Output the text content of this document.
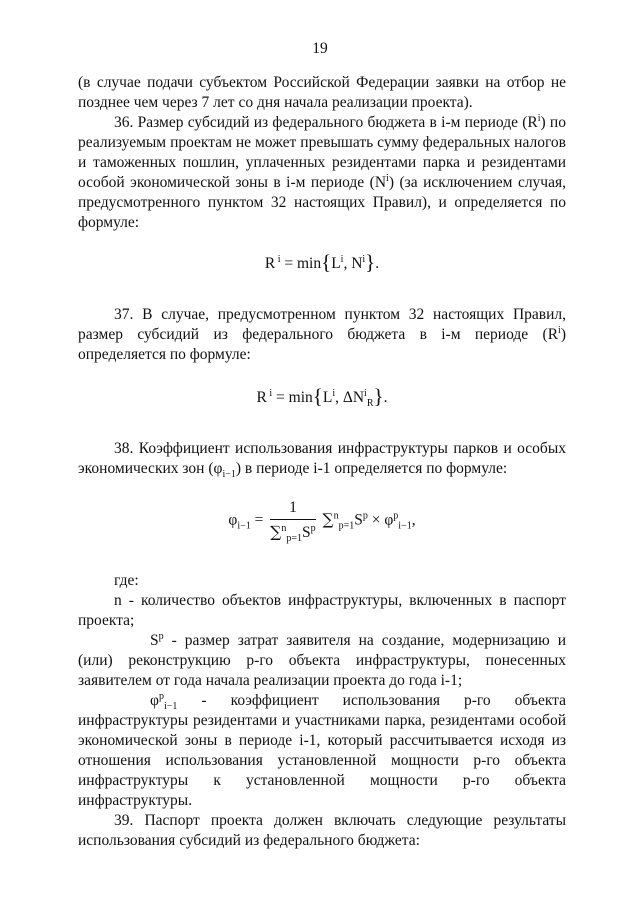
19

(в случае подачи субъектом Российской Федерации заявки на отбор не позднее чем через 7 лет со дня начала реализации проекта).

36. Размер субсидий из федерального бюджета в i-м периоде $(R^i)$ по реализуемым проектам не может превышать сумму федеральных налогов и таможенных пошлин, уплаченных резидентами парка и резидентами особой экономической зоны в i-м периоде $(N^i)$ (за исключением случая, предусмотренного пунктом 32 настоящих Правил), и определяется по формуле:

R $^i = \min\{L^i$, $N^i$}.

37. В случае, предусмотренном пунктом 32 настоящих Правил, размер субсидий из федерального бюджета в i-м периоде $(R^i)$ определяется по формуле:

R $^i = \min\{L^i$, $\Delta N^i_R$}.

38. Коэффициент использования инфраструктуры парков и особых экономических зон $(\varphi_{i-1})$ в периоде i-1 определяется по формуле:

$\varphi_{i-1} = \frac{1}{\sum^n_{p=1}S^p} \sum^n_{p=1}S^p \times \varphi^p_{i-1}$,

где:

n - количество объектов инфраструктуры, включенных в паспорт проекта;

$S^p$ - размер затрат заявителя на создание, модернизацию и (или) реконструкцию p-го объекта инфраструктуры, понесенных заявителем от года начала реализации проекта до года i-1;

$\varphi^p_{i-1}$ - коэффициент использования p-го объекта инфраструктуры резидентами и участниками парка, резидентами особой экономической зоны в периоде i-1, который рассчитывается исходя из отношения использования установленной мощности p-го объекта инфраструктуры к установленной мощности p-го объекта инфраструктуры.

39. Паспорт проекта должен включать следующие результаты использования субсидий из федерального бюджета:
